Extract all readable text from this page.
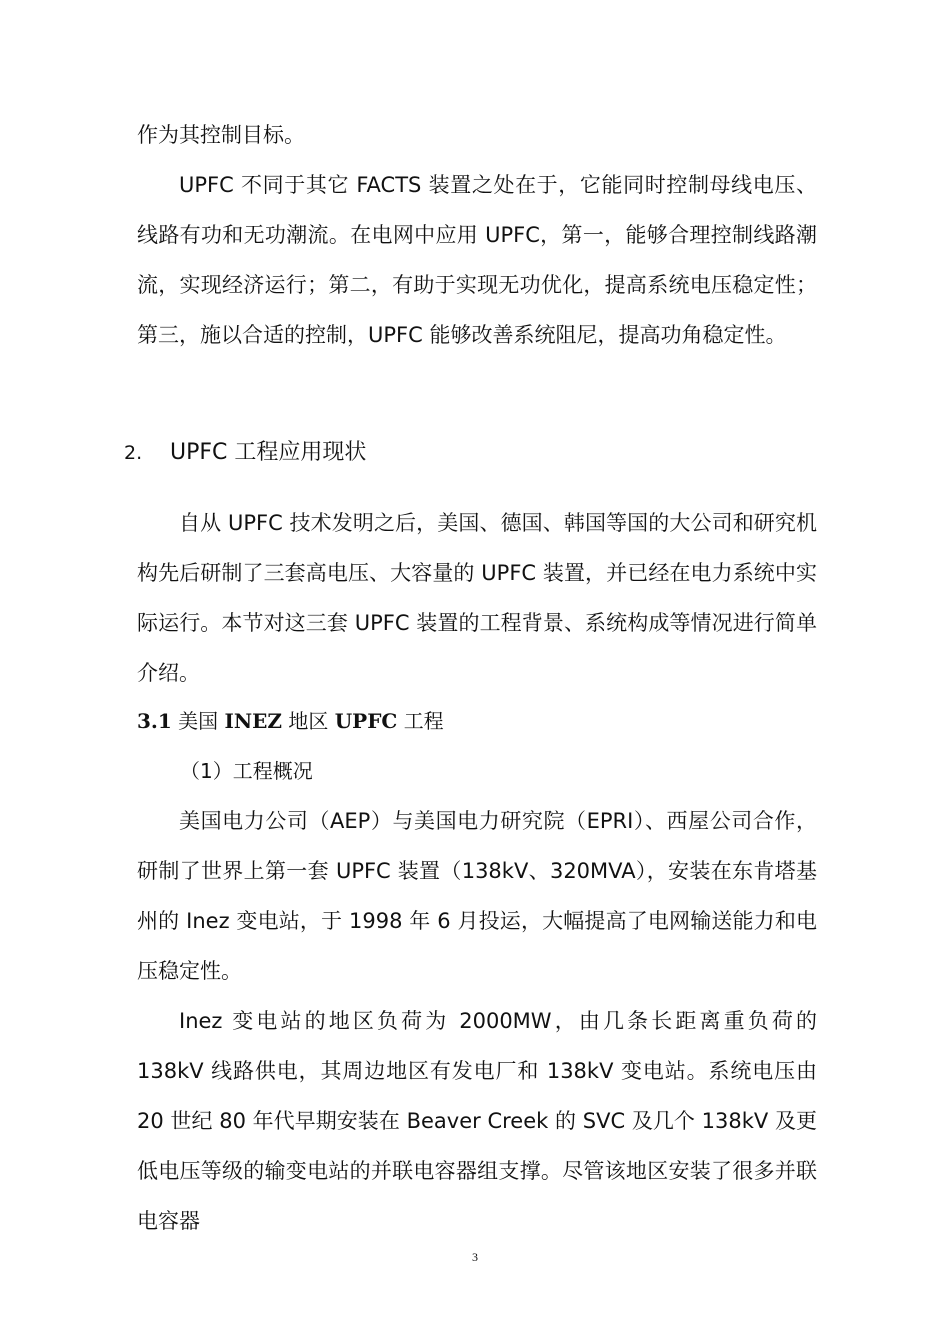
作为其控制目标。

UPFC 不同于其它 FACTS 装置之处在于，它能同时控制母线电压、线路有功和无功潮流。在电网中应用 UPFC，第一，能够合理控制线路潮流，实现经济运行；第二，有助于实现无功优化，提高系统电压稳定性；第三，施以合适的控制，UPFC 能够改善系统阻尼，提高功角稳定性。

2. UPFC 工程应用现状

自从 UPFC 技术发明之后，美国、德国、韩国等国的大公司和研究机构先后研制了三套高电压、大容量的 UPFC 装置，并已经在电力系统中实际运行。本节对这三套 UPFC 装置的工程背景、系统构成等情况进行简单介绍。

3.1 美国 INEZ 地区 UPFC 工程
（1）工程概况

美国电力公司（AEP）与美国电力研究院（EPRI）、西屋公司合作，研制了世界上第一套 UPFC 装置（138kV、320MVA），安装在东肯塔基州的 Inez 变电站，于 1998 年 6 月投运，大幅提高了电网输送能力和电压稳定性。

Inez 变电站的地区负荷为 2000MW，由几条长距离重负荷的 138kV 线路供电，其周边地区有发电厂和 138kV 变电站。系统电压由 20 世纪 80 年代早期安装在 Beaver Creek 的 SVC 及几个 138kV 及更低电压等级的输变电站的并联电容器组支撑。尽管该地区安装了很多并联电容器

3
